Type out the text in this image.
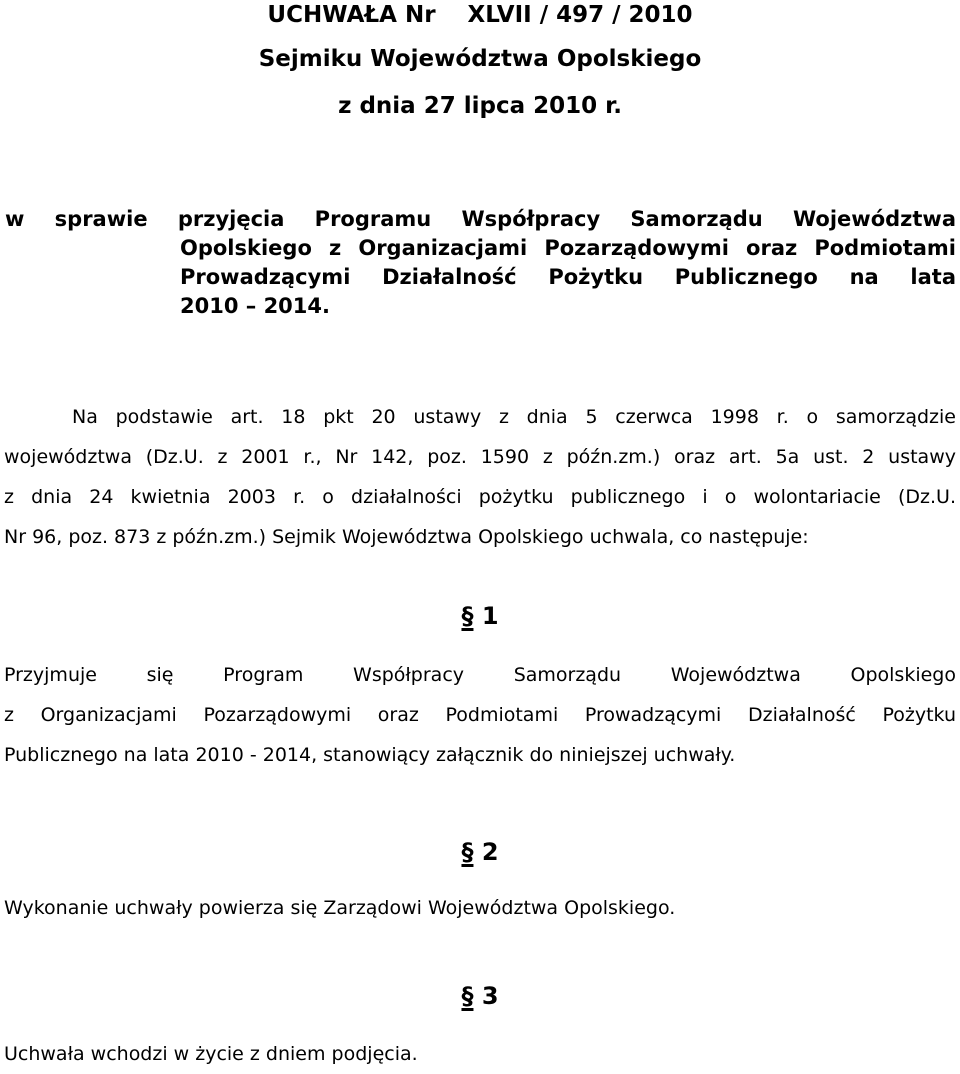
UCHWAŁA Nr    XLVII / 497 / 2010
Sejmiku Województwa Opolskiego
z dnia 27 lipca 2010 r.
w sprawie przyjęcia Programu Współpracy Samorządu Województwa
Opolskiego z Organizacjami Pozarządowymi oraz Podmiotami
Prowadzącymi Działalność Pożytku Publicznego na lata
2010 – 2014.
Na podstawie art. 18 pkt 20 ustawy z dnia 5 czerwca 1998 r. o samorządzie
województwa (Dz.U. z 2001 r., Nr 142, poz. 1590 z późn.zm.) oraz art. 5a ust. 2 ustawy
z dnia 24 kwietnia 2003 r. o działalności pożytku publicznego i o wolontariacie (Dz.U.
Nr 96, poz. 873 z późn.zm.) Sejmik Województwa Opolskiego uchwala, co następuje:
§ 1
Przyjmuje się Program Współpracy Samorządu Województwa Opolskiego
z Organizacjami Pozarządowymi oraz Podmiotami Prowadzącymi Działalność Pożytku
Publicznego na lata 2010 - 2014, stanowiący załącznik do niniejszej uchwały.
§ 2
Wykonanie uchwały powierza się Zarządowi Województwa Opolskiego.
§ 3
Uchwała wchodzi w życie z dniem podjęcia.
